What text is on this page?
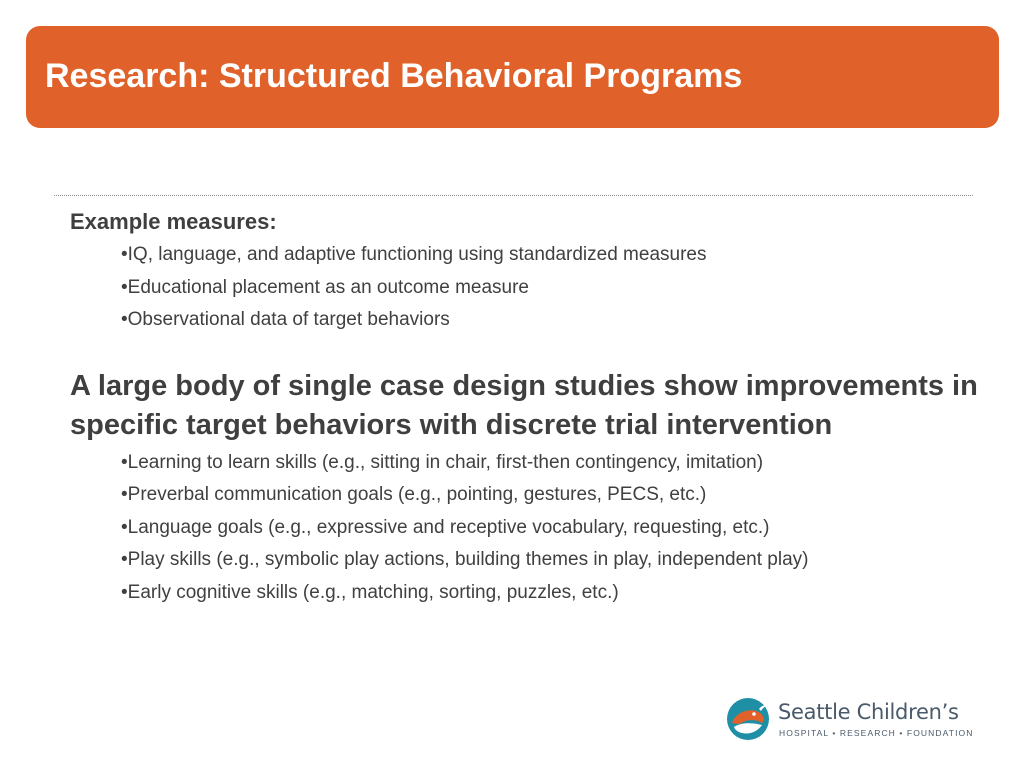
Research: Structured Behavioral Programs
Example measures:
•IQ, language, and adaptive functioning using standardized measures
•Educational placement as an outcome measure
•Observational data of target behaviors
A large body of single case design studies show improvements in specific target behaviors with discrete trial intervention
•Learning to learn skills (e.g., sitting in chair, first-then contingency, imitation)
•Preverbal communication goals (e.g., pointing, gestures, PECS, etc.)
•Language goals (e.g., expressive and receptive vocabulary, requesting, etc.)
•Play skills (e.g., symbolic play actions, building themes in play, independent play)
•Early cognitive skills (e.g., matching, sorting, puzzles, etc.)
Seattle Children’s
HOSPITAL • RESEARCH • FOUNDATION
